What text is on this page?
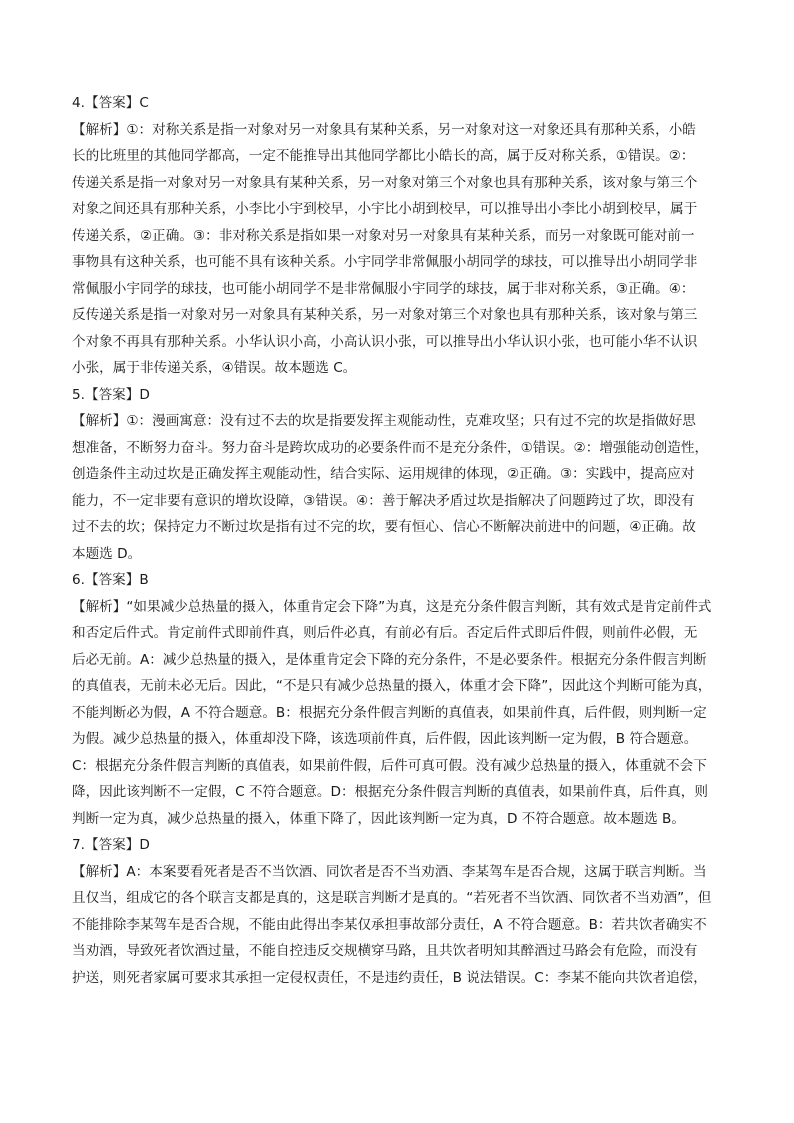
4.【答案】C
【解析】①：对称关系是指一对象对另一对象具有某种关系，另一对象对这一对象还具有那种关系，小皓
长的比班里的其他同学都高，一定不能推导出其他同学都比小皓长的高，属于反对称关系，①错误。②：
传递关系是指一对象对另一对象具有某种关系，另一对象对第三个对象也具有那种关系，该对象与第三个
对象之间还具有那种关系，小李比小宇到校早，小宇比小胡到校早，可以推导出小李比小胡到校早，属于
传递关系，②正确。③：非对称关系是指如果一对象对另一对象具有某种关系，而另一对象既可能对前一
事物具有这种关系，也可能不具有该种关系。小宇同学非常佩服小胡同学的球技，可以推导出小胡同学非
常佩服小宇同学的球技，也可能小胡同学不是非常佩服小宇同学的球技，属于非对称关系，③正确。④：
反传递关系是指一对象对另一对象具有某种关系，另一对象对第三个对象也具有那种关系，该对象与第三
个对象不再具有那种关系。小华认识小高，小高认识小张，可以推导出小华认识小张，也可能小华不认识
小张，属于非传递关系，④错误。故本题选 C。
5.【答案】D
【解析】①：漫画寓意：没有过不去的坎是指要发挥主观能动性，克难攻坚；只有过不完的坎是指做好思
想准备，不断努力奋斗。努力奋斗是跨坎成功的必要条件而不是充分条件，①错误。②：增强能动创造性，
创造条件主动过坎是正确发挥主观能动性，结合实际、运用规律的体现，②正确。③：实践中，提高应对
能力，不一定非要有意识的增坎设障，③错误。④：善于解决矛盾过坎是指解决了问题跨过了坎，即没有
过不去的坎；保持定力不断过坎是指有过不完的坎，要有恒心、信心不断解决前进中的问题，④正确。故
本题选 D。
6.【答案】B
【解析】“如果减少总热量的摄入，体重肯定会下降”为真，这是充分条件假言判断，其有效式是肯定前件式
和否定后件式。肯定前件式即前件真，则后件必真，有前必有后。否定后件式即后件假，则前件必假，无
后必无前。A：减少总热量的摄入，是体重肯定会下降的充分条件，不是必要条件。根据充分条件假言判断
的真值表，无前未必无后。因此，“不是只有减少总热量的摄入，体重才会下降”，因此这个判断可能为真，
不能判断必为假，A 不符合题意。B：根据充分条件假言判断的真值表，如果前件真，后件假，则判断一定
为假。减少总热量的摄入，体重却没下降，该选项前件真，后件假，因此该判断一定为假，B 符合题意。
C：根据充分条件假言判断的真值表，如果前件假，后件可真可假。没有减少总热量的摄入，体重就不会下
降，因此该判断不一定假，C 不符合题意。D：根据充分条件假言判断的真值表，如果前件真，后件真，则
判断一定为真，减少总热量的摄入，体重下降了，因此该判断一定为真，D 不符合题意。故本题选 B。
7.【答案】D
【解析】A：本案要看死者是否不当饮酒、同饮者是否不当劝酒、李某驾车是否合规，这属于联言判断。当
且仅当，组成它的各个联言支都是真的，这是联言判断才是真的。“若死者不当饮酒、同饮者不当劝酒”，但
不能排除李某驾车是否合规，不能由此得出李某仅承担事故部分责任，A 不符合题意。B：若共饮者确实不
当劝酒，导致死者饮酒过量，不能自控违反交规横穿马路，且共饮者明知其醉酒过马路会有危险，而没有
护送，则死者家属可要求其承担一定侵权责任，不是违约责任，B 说法错误。C：李某不能向共饮者追偿，
